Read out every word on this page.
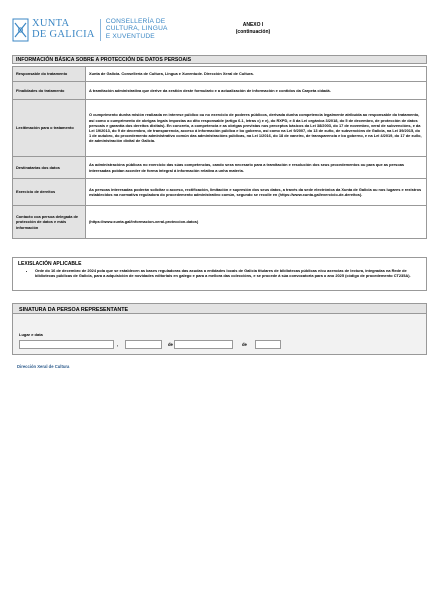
XUNTA
DE GALICIA
CONSELLERÍA DE
CULTURA, LINGUA
E XUVENTUDE
ANEXO I
(continuación)
INFORMACIÓN BÁSICA SOBRE A PROTECCIÓN DE DATOS PERSOAIS
Responsable do tratamento	Xunta de Galicia. Consellería de Cultura, Lingua e Xuventude. Dirección Xeral de Cultura.
Finalidades do tratamento	A tramitación administrativa que derive da xestión deste formulario e a actualización de información e contidos da Carpeta cidadá.
Lexitimación para o tratamento	O cumprimento dunha misión realizada en interese público ou no exercicio de poderes públicos, derivada dunha competencia legalmente atribuída ao responsable do tratamento, así como o cumprimento de obrigas legais impostas ao dito responsable (artigo 6.1, letras c) e e), do RXPD, e 8 da Lei orgánica 3/2018, do 5 de decembro, de protección de datos persoais e garantía dos dereitos dixitais). En concreto, a competencia e as obrigas previstas nos preceptos básicos da Lei 38/2003, do 17 de novembro, xeral de subvencións, e da Lei 19/2013, do 9 de decembro, de transparencia, acceso á información pública e bo goberno, así como na Lei 9/2007, do 13 de xuño, de subvencións de Galicia, na Lei 39/2015, do 1 de outubro, do procedemento administrativo común das administracións públicas, na Lei 1/2016, do 18 de xaneiro, de transparencia e bo goberno, e na Lei 4/2019, do 17 de xullo, de administración dixital de Galicia.
Destinatarias dos datos	As administracións públicas no exercicio das súas competencias, cando sexa necesario para a tramitación e resolución dos seus procedementos ou para que as persoas interesadas poidan acceder de forma integral á información relativa a unha materia.
Exercicio de dereitos	As persoas interesadas poderán solicitar o acceso, rectificación, limitación e supresión dos seus datos, a través da sede electrónica da Xunta de Galicia ou nos lugares e rexistros establecidos na normativa reguladora do procedemento administrativo común, segundo se recolle en (https://www.xunta.gal/exercicio-de-dereitos).
Contacto coa persoa delegada de protección de datos e máis información	(https://www.xunta.gal/informacion-xeral-proteccion-datos)
LEXISLACIÓN APLICABLE
• Orde do 16 de decembro de 2024 pola que se establecen as bases reguladoras das axudas a entidades locais de Galicia titulares de bibliotecas públicas e/ou axencias de lectura, integradas na Rede de bibliotecas públicas de Galicia, para a adquisición de novidades editoriais en galego e para a mellora das coleccións, e se procede á súa convocatoria para o ano 2025 (código de procedemento CT235A).
SINATURA DA PERSOA REPRESENTANTE
Lugar e data
,	de	de
Dirección Xeral de Cultura
